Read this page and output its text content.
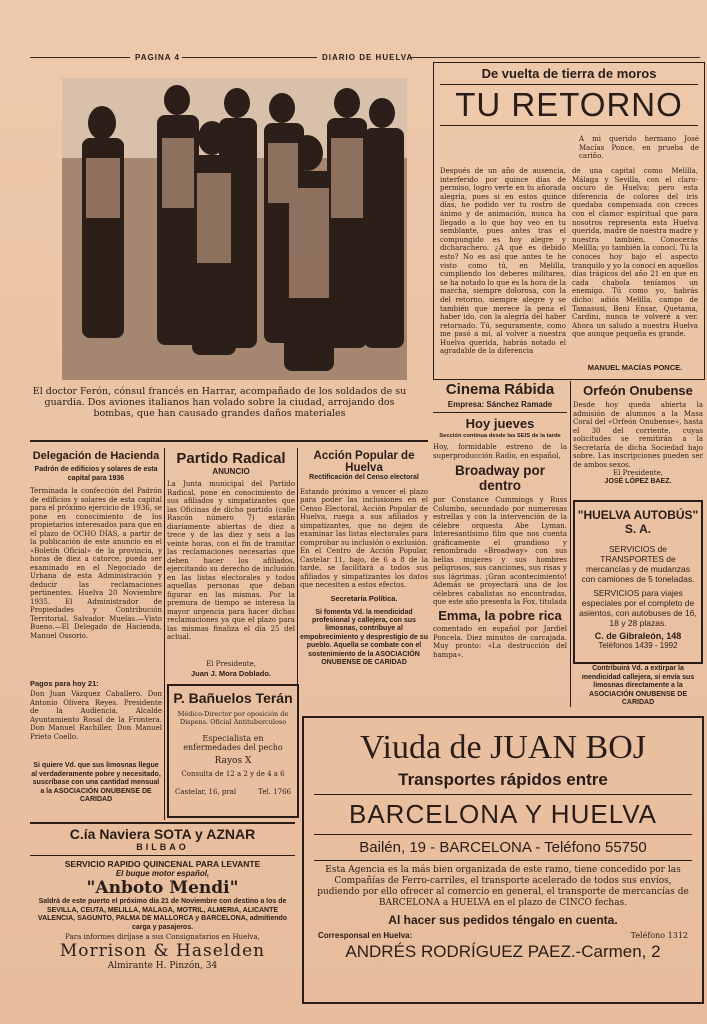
PAGINA 4	DIARIO DE HUELVA
El doctor Ferón, cónsul francés en Harrar, acompañado de los soldados de su guardia. Dos aviones italianos han volado sobre la ciudad, arrojando dos bombas, que han causado grandes daños materiales
De vuelta de tierra de moros
TU RETORNO
A mi querido hermano José Macías Ponce, en prueba de cariño.
Después de un año de ausencia, interferido por quince días de permiso, logro verte en tu añorada alegría, pues si en estos quince días, he podido ver tu rostro de ánimo y de animación, nunca ha llegado a lo que hoy veo en tu semblante, pues antes tras el compungido es hoy alegre y dicharachero. ¿A qué es debido esto? No es así que antes te he visto como tú, en Melilla, cumpliendo los deberes militares, se ha notado lo que es la hora de la marcha, siempre dolorosa, con la del retorno, siempre alegre y se también que merece la pena el haber ido, con la alegría del haber retornado. Tú, seguramente, como me pasó a mí, al volver a nuestra Huelva querida, habrás notado el agradable de la diferencia
de una capital como Melilla, Málaga y Sevilla, con el claro-oscuro de Huelva; pero esta diferencia de colores del iris quedaba compensada con creces con el clamor espiritual que para nosotros representa esta Huelva querida, madre de nuestra madre y nuestra también. Conocerás Melilla; yo también la conocí. Tú la conoces hoy bajo el aspecto tranquilo y yo la conocí en aquellos días trágicos del año 21 en que en cada chabola teníamos un enemigo. Tú como yo, habrás dicho: adiós Melilla, campo de Tamasusi, Beni Ensar, Quetama, Cardini, nunca te volveré a ver. Ahora un saludo a nuestra Huelva que aunque pequeña es grande.
MANUEL MACÍAS PONCE.
Cinema Rábida
Empresa: Sánchez Ramade
Hoy jueves
Sección continua desde las SEIS de la tarde
Hoy, formidable estreno de la superproducción Radio, en español,
Broadway por dentro
por Constance Cummings y Russ Columbo, secundado por numerosas estrellas y con la intervención de la célebre orquesta Abe Lyman. Interesantísimo film que nos cuenta gráficamente el grandioso y renombrado «Broadway» con sus bellas mujeres y sus hombres peligrosos, sus canciones, sus risas y sus lágrimas. ¡Gran acontecimiento! Además se proyectará una de los célebres cabalistas no encontradas, que este año presenta la Fox, titulada
Emma, la pobre rica
comentado en español por Jardiel Poncela. Diez minutos de carcajada. Muy pronto: «La destrucción del hampa».
Orfeón Onubense
Desde hoy queda abierta la admisión de alumnos a la Masa Coral del «Orfeón Onubense», hasta el 30 del corriente, cuyas solicitudes se remitirán a la Secretaría de dicha Sociedad bajo sobre. Las inscripciones pueden ser de ambos sexos.
El Presidente,
JOSÉ LÓPEZ BAEZ.
"HUELVA AUTOBÚS" S. A.
SERVICIOS de TRANSPORTES de mercancías y de mudanzas con camiones de 5 toneladas.
SERVICIOS para viajes especiales por el completo de asientos, con autobuses de 16, 18 y 28 plazas.
C. de Gibraleón, 148
Teléfonos 1439 - 1992
Contribuirá Vd. a extirpar la mendicidad callejera, si envía sus limosnas directamente a la ASOCIACIÓN ONUBENSE DE CARIDAD
Delegación de Hacienda
Padrón de edificios y solares de esta capital para 1936
Terminada la confección del Padrón de edificios y solares de esta capital para el próximo ejercicio de 1936, se pone en conocimiento de los propietarios interesados para que en el plazo de OCHO DÍAS, a partir de la publicación de este anuncio en el «Boletín Oficial» de la provincia, y horas de diez a catorce, pueda ser examinado en el Negociado de Urbana de esta Administración y deducir las reclamaciones pertinentes. Huelva 20 Noviembre 1935. El Administrador de Propiedades y Contribución Territorial, Salvador Muelas.—Visto Bueno.—El Delegado de Hacienda, Manuel Ossorio.
Pagos para hoy 21:
Don Juan Vázquez Caballero. Don Antonio Olivera Reyes. Presidente de la Audiencia. Alcalde Ayuntamiento Rosal de la Frontera. Don Manuel Rachiller. Don Manuel Prieto Coello.
Si quiere Vd. que sus limosnas llegue al verdaderamente pobre y necesitado, suscríbase con una cantidad mensual a la ASOCIACIÓN ONUBENSE DE CARIDAD
Partido Radical
ANUNCIO
La Junta municipal del Partido Radical, pone en conocimiento de sus afiliados y simpatizantes que las Oficinas de dicho partido (calle Rascón número 7) estarán diariamente abiertas de diez a trece y de las diez y seis a las veinte horas, con el fin de tramitar las reclamaciones necesarias que deben hacer los afiliados, ejercitando su derecho de inclusión en las listas electorales y todos aquellas personas que deban figurar en las mismas. Por la premura de tiempo se interesa la mayor urgencia para hacer dichas reclamaciones ya que el plazo para las mismas finaliza el día 25 del actual.
El Presidente,
Juan J. Mora Doblado.
Acción Popular de Huelva
Rectificación del Censo electoral
Estando próximo a vencer el plazo para poder las inclusiones en el Censo Electoral, Acción Popular de Huelva, ruega a sus afiliados y simpatizantes, que no dejen de examinar las listas electorales para comprobar su inclusión o exclusión. En el Centro de Acción Popular, Castelar 11, bajo, de 6 a 8 de la tarde, se facilitará a todos sus afiliados y simpatizantes los datos que necesiten a estos efectos.
Secretaría Política.
Si fomenta Vd. la mendicidad profesional y callejera, con sus limosnas, contribuye al empobrecimiento y desprestigio de su pueblo. Aquella se combate con el sostenimiento de la ASOCIACIÓN ONUBENSE DE CARIDAD
P. Bañuelos Terán
Médico-Director por oposición de Dispens. Oficial Antituberculoso
Especialista en enfermedades del pecho
Rayos X
Consulta de 12 a 2 y de 4 a 6
Castelar, 16, pral	Tel. 1766
C.ía Naviera SOTA y AZNAR
BILBAO
SERVICIO RAPIDO QUINCENAL PARA LEVANTE
El buque motor español,
"Anboto Mendi"
Saldrá de este puerto el próximo día 21 de Noviembre con destino a los de SEVILLA, CEUTA, MELILLA, MALAGA, MOTRIL, ALMERIA, ALICANTE VALENCIA, SAGUNTO, PALMA DE MALLORCA y BARCELONA, admitiendo carga y pasajeros.
Para informes diríjase a sus Consignatarios en Huelva,
Morrison & Haselden
Almirante H. Pinzón, 34
Viuda de JUAN BOJ
Transportes rápidos entre
BARCELONA Y HUELVA
Bailén, 19 - BARCELONA - Teléfono 55750
Esta Agencia es la más bien organizada de este ramo, tiene concedido por las Compañías de Ferro-carriles, el transporte acelerado de todos sus envíos, pudiendo por ello ofrecer al comercio en general, el transporte de mercancías de BARCELONA a HUELVA en el plazo de CINCO fechas.
Al hacer sus pedidos téngalo en cuenta.
Corresponsal en Huelva:	Teléfono 1312
ANDRÉS RODRÍGUEZ PAEZ.-Carmen, 2
